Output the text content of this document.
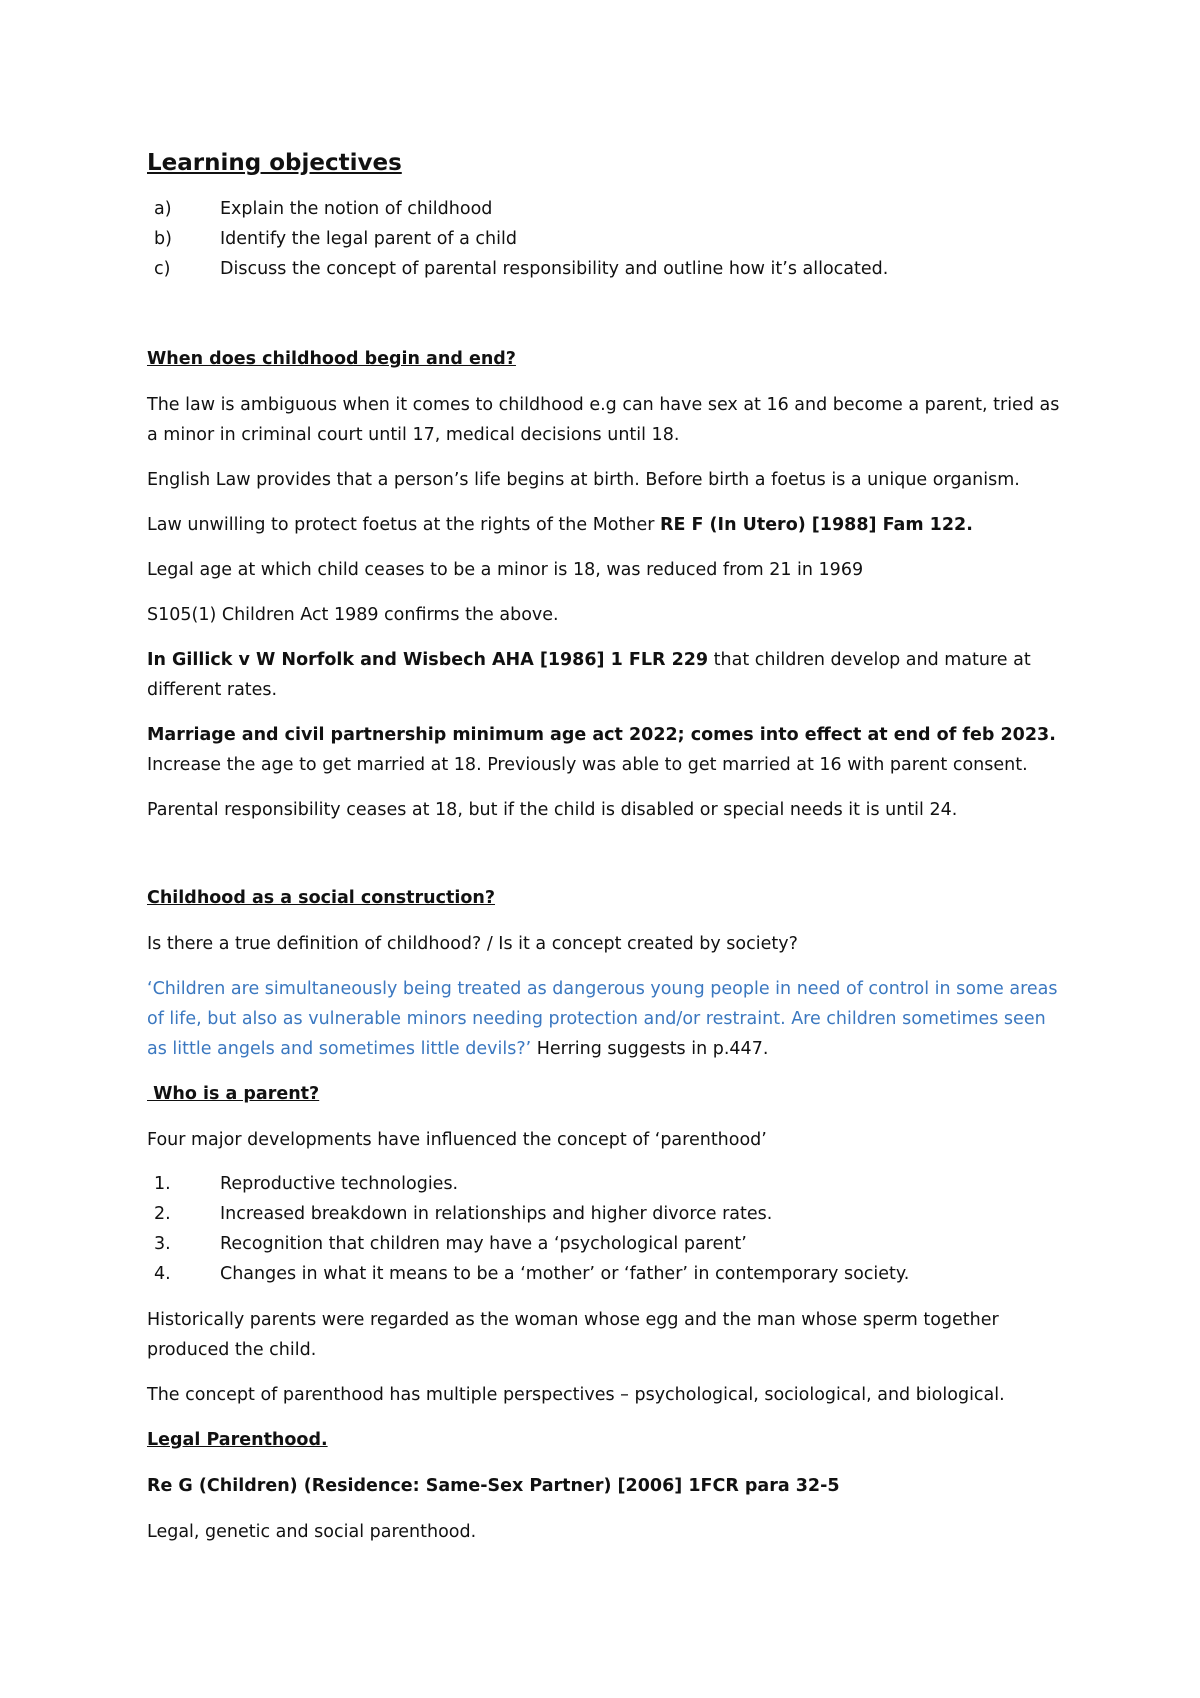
Learning objectives
a)	Explain the notion of childhood
b)	Identify the legal parent of a child
c)	Discuss the concept of parental responsibility and outline how it’s allocated.

When does childhood begin and end?

The law is ambiguous when it comes to childhood e.g can have sex at 16 and become a parent, tried as a minor in criminal court until 17, medical decisions until 18.

English Law provides that a person’s life begins at birth. Before birth a foetus is a unique organism.

Law unwilling to protect foetus at the rights of the Mother RE F (In Utero) [1988] Fam 122.

Legal age at which child ceases to be a minor is 18, was reduced from 21 in 1969

S105(1) Children Act 1989 confirms the above.

In Gillick v W Norfolk and Wisbech AHA [1986] 1 FLR 229 that children develop and mature at different rates.

Marriage and civil partnership minimum age act 2022; comes into effect at end of feb 2023.
Increase the age to get married at 18. Previously was able to get married at 16 with parent consent.

Parental responsibility ceases at 18, but if the child is disabled or special needs it is until 24.

Childhood as a social construction?

Is there a true definition of childhood? / Is it a concept created by society?

‘Children are simultaneously being treated as dangerous young people in need of control in some areas of life, but also as vulnerable minors needing protection and/or restraint. Are children sometimes seen as little angels and sometimes little devils?’ Herring suggests in p.447.

Who is a parent?

Four major developments have influenced the concept of ‘parenthood’

1.	Reproductive technologies.
2.	Increased breakdown in relationships and higher divorce rates.
3.	Recognition that children may have a ‘psychological parent’
4.	Changes in what it means to be a ‘mother’ or ‘father’ in contemporary society.

Historically parents were regarded as the woman whose egg and the man whose sperm together produced the child.

The concept of parenthood has multiple perspectives – psychological, sociological, and biological.

Legal Parenthood.

Re G (Children) (Residence: Same-Sex Partner) [2006] 1FCR para 32-5

Legal, genetic and social parenthood.
